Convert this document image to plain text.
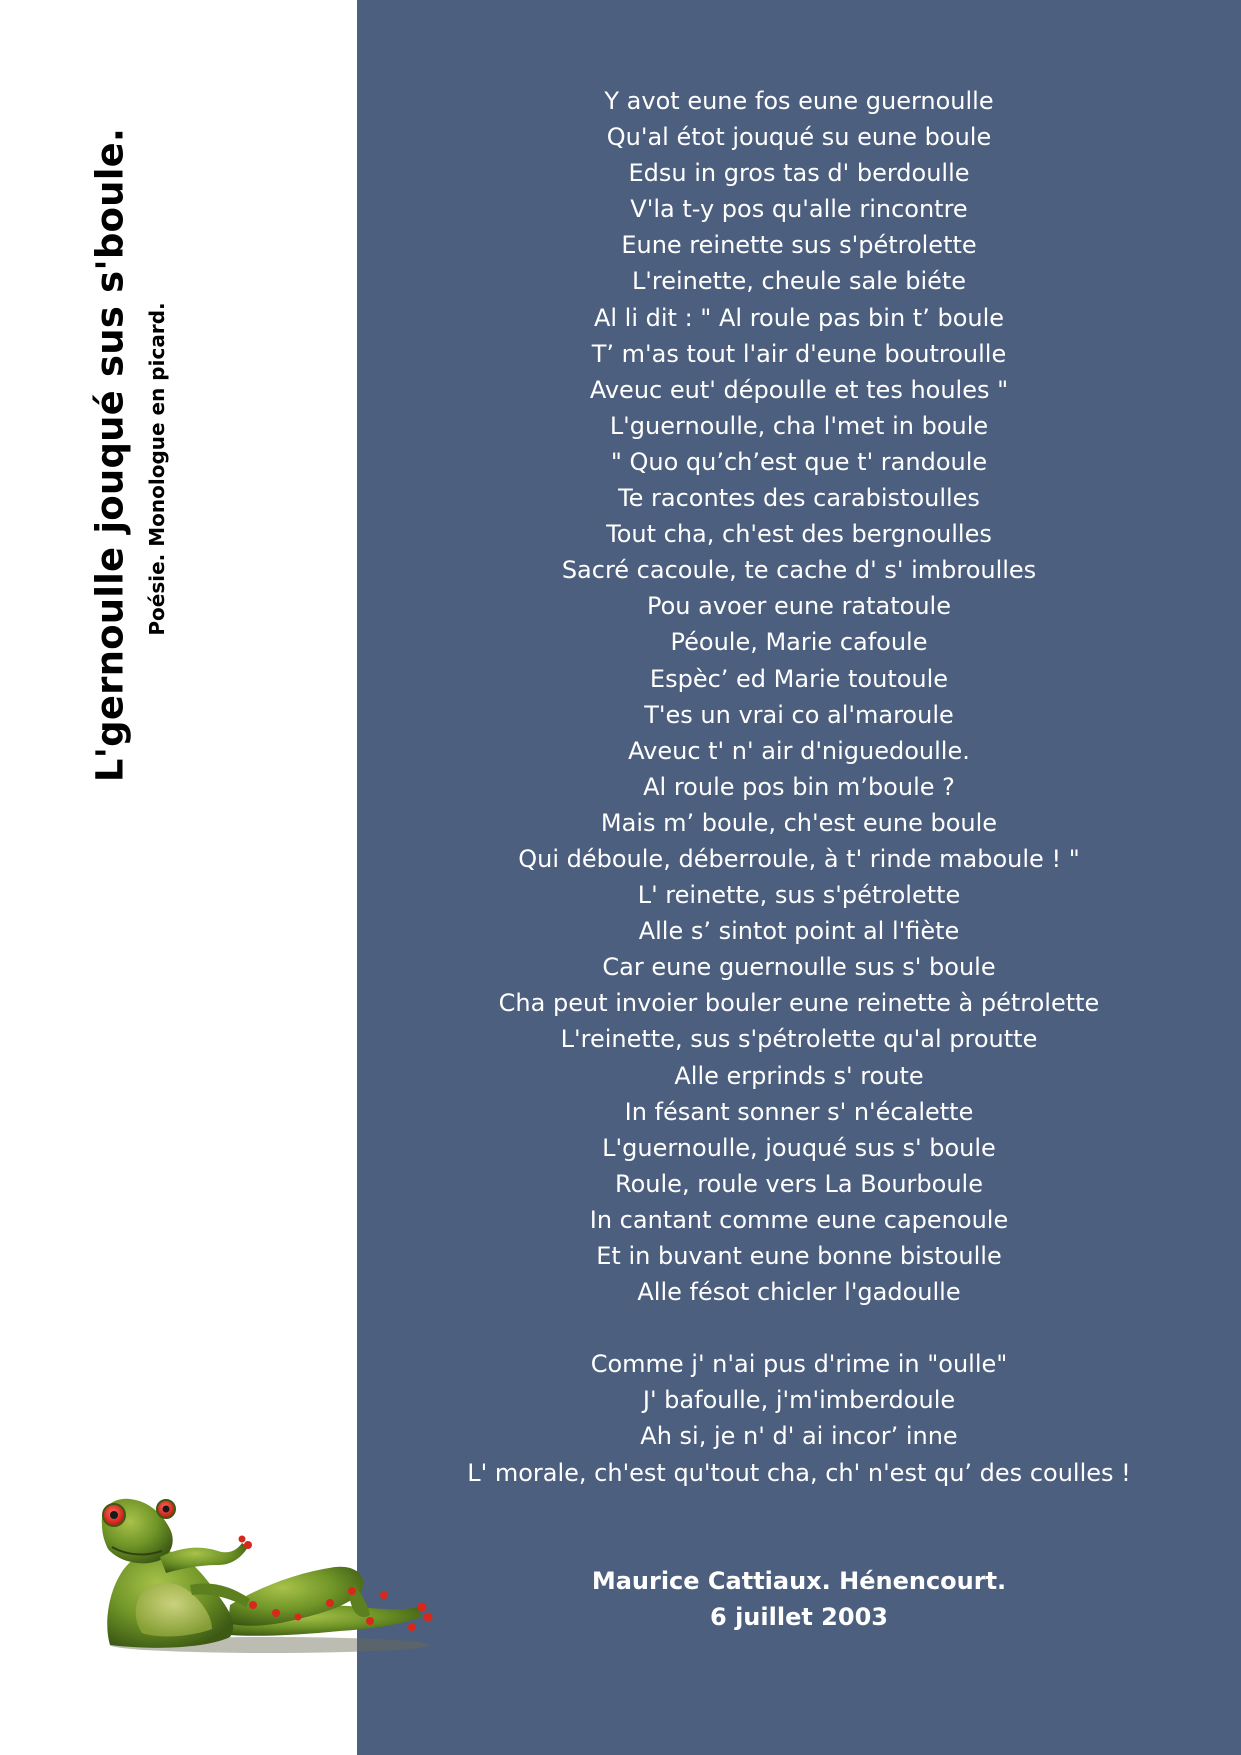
L'gernoulle jouqué sus s'boule. Poésie. Monologue en picard.
Y avot eune fos eune guernoulle
Qu'al étot jouqué su eune boule
Edsu in gros tas d' berdoulle
V'la t-y pos qu'alle rincontre
Eune reinette sus s'pétrolette
L'reinette, cheule sale biéte
Al li dit : " Al roule pas bin t’ boule
T’ m'as tout l'air d'eune boutroulle
Aveuc eut' dépoulle et tes houles "
L'guernoulle, cha l'met in boule
" Quo qu’ch’est que t' randoule
Te racontes des carabistoulles
Tout cha, ch'est des bergnoulles
Sacré cacoule, te cache d' s' imbroulles
Pou avoer eune ratatoule
Péoule, Marie cafoule
Espèc’ ed Marie toutoule
T'es un vrai co al'maroule
Aveuc t' n' air d'niguedoulle.
Al roule pos bin m’boule ?
Mais m’ boule, ch'est eune boule
Qui déboule, déberroule, à t' rinde maboule ! "
L' reinette, sus s'pétrolette
Alle s’ sintot point al l'fiète
Car eune guernoulle sus s' boule
Cha peut invoier bouler eune reinette à pétrolette
L'reinette, sus s'pétrolette qu'al proutte
Alle erprinds s' route
In fésant sonner s' n'écalette
L'guernoulle, jouqué sus s' boule
Roule, roule vers La Bourboule
In cantant comme eune capenoule
Et in buvant eune bonne bistoulle
Alle fésot chicler l'gadoulle
Comme j' n'ai pus d'rime in "oulle"
J' bafoulle, j'm'imberdoule
Ah si, je n' d' ai incor’ inne
L' morale, ch'est qu'tout cha, ch' n'est qu’ des coulles !
Maurice Cattiaux. Hénencourt.
6 juillet 2003
